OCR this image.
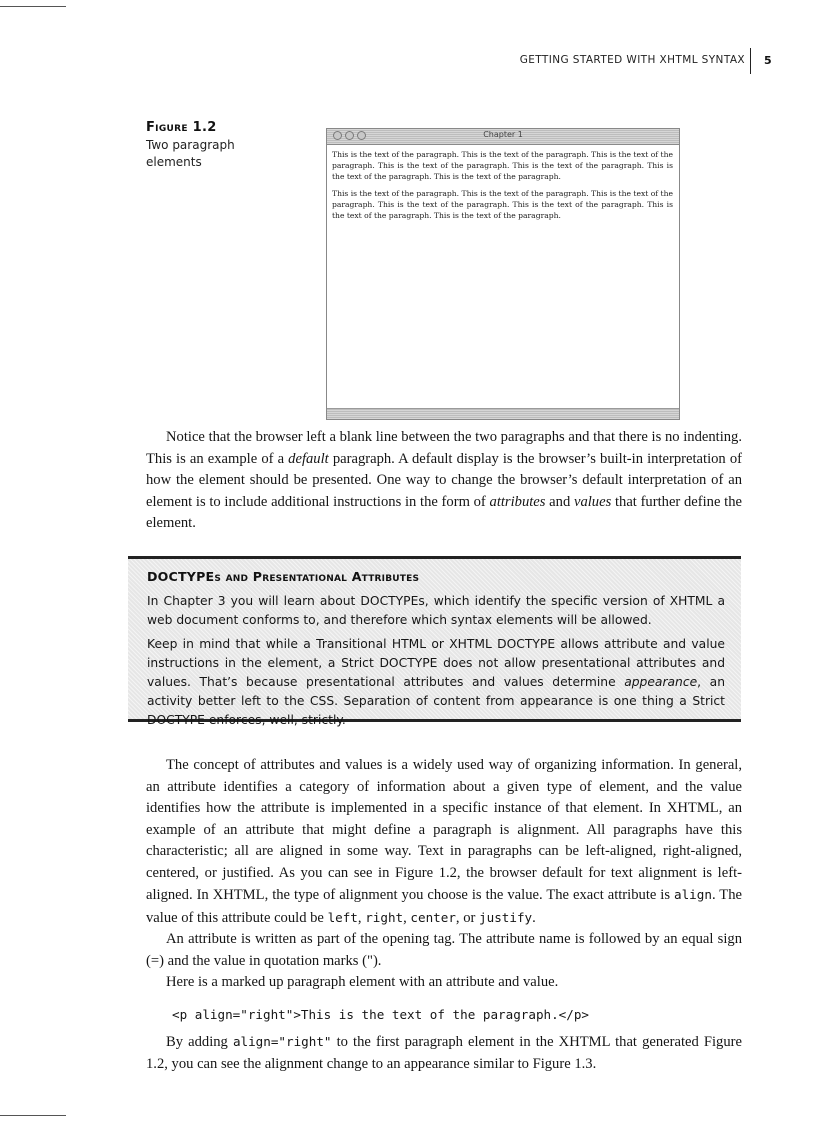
GETTING STARTED WITH XHTML SYNTAX 5
Figure 1.2
Two paragraph elements
Chapter 1

This is the text of the paragraph. This is the text of the paragraph. This is the text of the paragraph. This is the text of the paragraph. This is the text of the paragraph. This is the text of the paragraph. This is the text of the paragraph.

This is the text of the paragraph. This is the text of the paragraph. This is the text of the paragraph. This is the text of the paragraph. This is the text of the paragraph. This is the text of the paragraph. This is the text of the paragraph.

Notice that the browser left a blank line between the two paragraphs and that there is no indenting. This is an example of a default paragraph. A default display is the browser’s built-in interpretation of how the element should be presented. One way to change the browser’s default interpretation of an element is to include additional instructions in the form of attributes and values that further define the element.

DOCTYPEs and Presentational Attributes

In Chapter 3 you will learn about DOCTYPEs, which identify the specific version of XHTML a web document conforms to, and therefore which syntax elements will be allowed.

Keep in mind that while a Transitional HTML or XHTML DOCTYPE allows attribute and value instructions in the element, a Strict DOCTYPE does not allow presentational attributes and values. That’s because presentational attributes and values determine appearance, an activity better left to the CSS. Separation of content from appearance is one thing a Strict DOCTYPE enforces, well, strictly.

The concept of attributes and values is a widely used way of organizing information. In general, an attribute identifies a category of information about a given type of element, and the value identifies how the attribute is implemented in a specific instance of that element. In XHTML, an example of an attribute that might define a paragraph is alignment. All paragraphs have this characteristic; all are aligned in some way. Text in paragraphs can be left-aligned, right-aligned, centered, or justified. As you can see in Figure 1.2, the browser default for text alignment is left-aligned. In XHTML, the type of alignment you choose is the value. The exact attribute is align. The value of this attribute could be left, right, center, or justify.

An attribute is written as part of the opening tag. The attribute name is followed by an equal sign (=) and the value in quotation marks (").

Here is a marked up paragraph element with an attribute and value.

<p align="right">This is the text of the paragraph.</p>

By adding align="right" to the first paragraph element in the XHTML that generated Figure 1.2, you can see the alignment change to an appearance similar to Figure 1.3.
